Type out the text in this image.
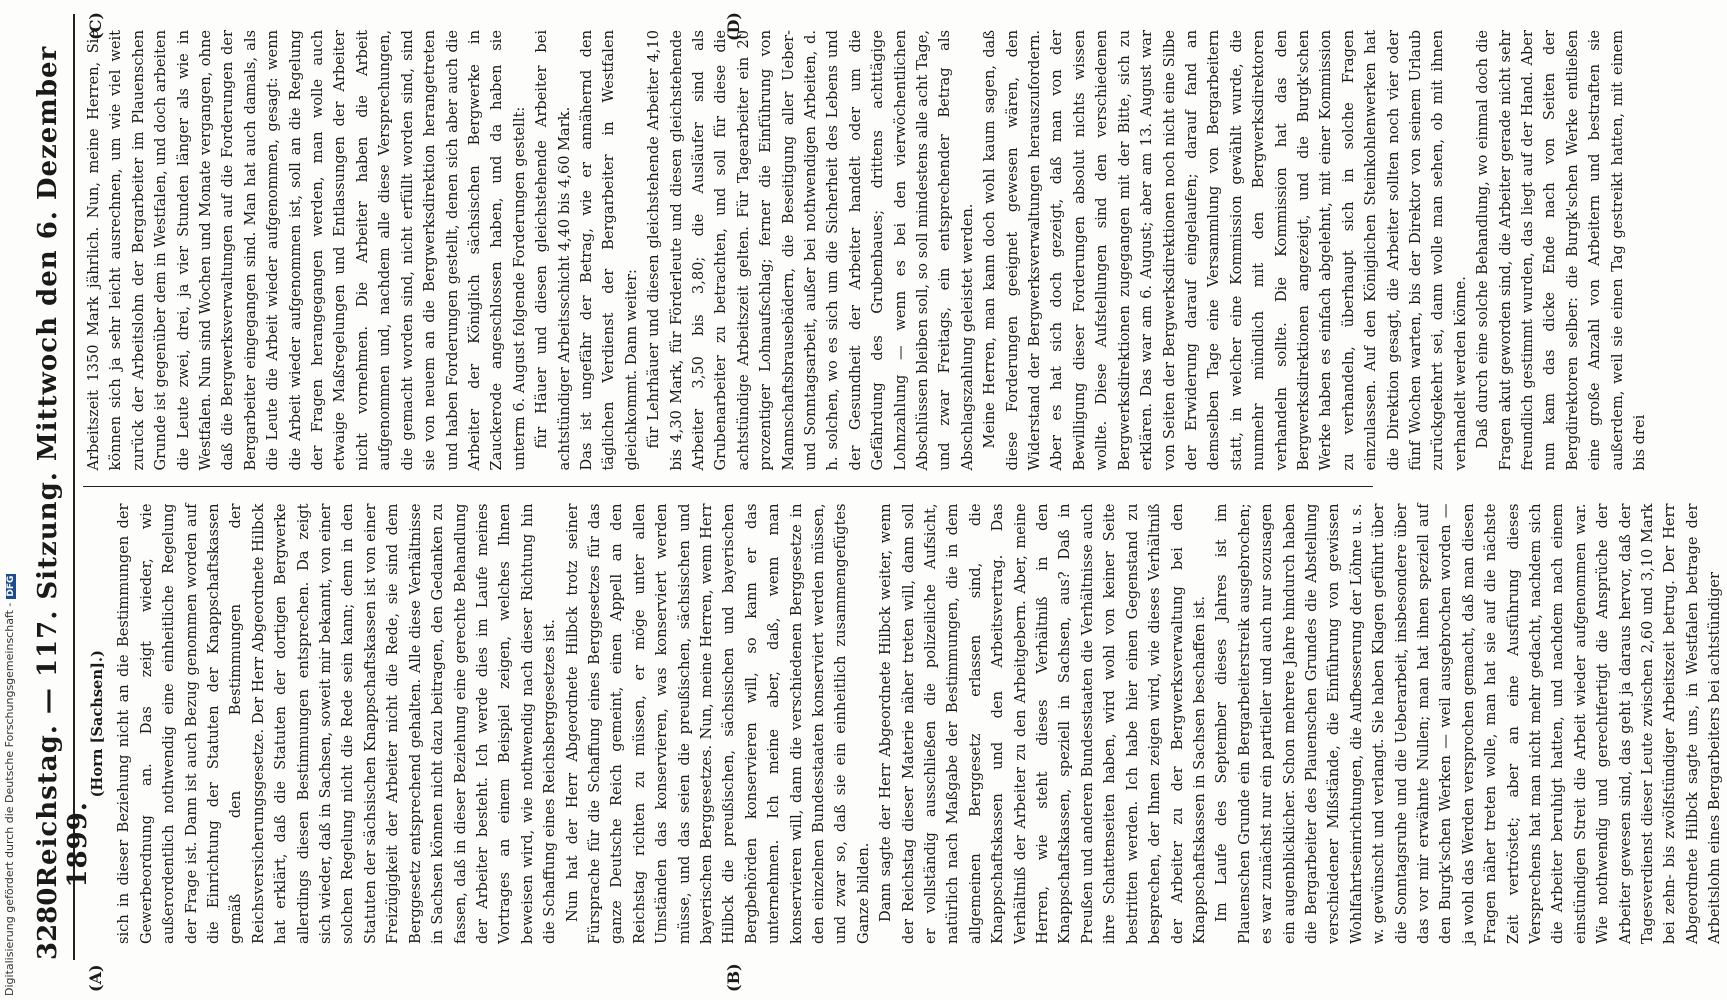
3280
Reichstag. — 117. Sitzung. Mittwoch den 6. Dezember 1899.
(A)	(B)

(Horn [Sachsen].) sich in dieser Beziehung nicht an die Bestimmungen der Gewerbeordnung an. Das zeigt wieder, wie außerordentlich nothwendig eine einheitliche Regelung der Frage ist. Dann ist auch Bezug genommen worden auf die Einrichtung der Statuten der Knappschaftskassen gemäß den Bestimmungen der Reichsversicherungsgesetze. Der Herr Abgeordnete Hilbck hat erklärt, daß die Statuten der dortigen Bergwerke allerdings diesen Bestimmungen entsprechen. Da zeigt sich wieder, daß in Sachsen, soweit mir bekannt, von einer solchen Regelung nicht die Rede sein kann; denn in den Statuten der sächsischen Knappschaftskassen ist von einer Freizügigkeit der Arbeiter nicht die Rede, sie sind dem Berggesetz entsprechend gehalten. Alle diese Verhältnisse in Sachsen können nicht dazu beitragen, den Gedanken zu fassen, daß in dieser Beziehung eine gerechte Behandlung der Arbeiter besteht. Ich werde dies im Laufe meines Vortrages an einem Beispiel zeigen, welches Ihnen beweisen wird, wie nothwendig nach dieser Richtung hin die Schaffung eines Reichsberggesetzes ist. Nun hat der Herr Abgeordnete Hilbck trotz seiner Fürsprache für die Schaffung eines Berggesetzes für das ganze Deutsche Reich gemeint, einen Appell an den Reichstag richten zu müssen, er möge unter allen Umständen das konservieren, was konserviert werden müsse, und das seien die preußischen, sächsischen und bayerischen Berggesetzes. Nun, meine Herren, wenn Herr Hilbck die preußischen, sächsischen und bayerischen Bergbehörden konservieren will, so kann er das unternehmen. Ich meine aber, daß, wenn man konservieren will, dann die verschiedenen Berggesetze in den einzelnen Bundesstaaten konserviert werden müssen, und zwar so, daß sie ein einheitlich zusammengefügtes Ganze bilden. Dann sagte der Herr Abgeordnete Hilbck weiter, wenn der Reichstag dieser Materie näher treten will, dann soll er vollständig ausschließen die polizeiliche Aufsicht, natürlich nach Maßgabe der Bestimmungen, die in dem allgemeinen Berggesetz erlassen sind, die Knappschaftskassen und den Arbeitsvertrag. Das Verhältniß der Arbeiter zu den Arbeitgebern. Aber, meine Herren, wie steht dieses Verhältniß in den Knappschaftskassen, speziell in Sachsen, aus? Daß in Preußen und anderen Bundesstaaten die Verhältnisse auch ihre Schattenseiten haben, wird wohl von keiner Seite bestritten werden. Ich habe hier einen Gegenstand zu besprechen, der Ihnen zeigen wird, wie dieses Verhältniß der Arbeiter zu der Bergwerksverwaltung bei den Knappschaftskassen in Sachsen beschaffen ist. Im Laufe des September dieses Jahres ist im Plauenschen Grunde ein Bergarbeiterstreik ausgebrochen; es war zunächst nur ein partieller und auch nur sozusagen ein augenblicklicher. Schon mehrere Jahre hindurch haben die Bergarbeiter des Plauenschen Grundes die Abstellung verschiedener Mißstände, die Einführung von gewissen Wohlfahrtseinrichtungen, die Aufbesserung der Löhne u. s. w. gewünscht und verlangt. Sie haben Klagen geführt über die Sonntagsruhe und die Ueberarbeit, insbesondere über das vor mir erwähnte Nullen; man hat ihnen speziell auf den Burgk'schen Werken — weil ausgebrochen worden — ja wohl das Werden versprochen gemacht, daß man diesen Fragen näher treten wolle, man hat sie auf die nächste Zeit vertröstet; aber an eine Ausführung dieses Versprechens hat man nicht mehr gedacht, nachdem sich die Arbeiter beruhigt hatten, und nachdem nach einem einstündigen Streit die Arbeit wieder aufgenommen war. Wie nothwendig und gerechtfertigt die Ansprüche der Arbeiter gewesen sind, das geht ja daraus hervor, daß der Tagesverdienst dieser Leute zwischen 2,60 und 3,10 Mark bei zehn- bis zwölfstündiger Arbeitszeit betrug. Der Herr Abgeordnete Hilbck sagte uns, in Westfalen betrage der Arbeitslohn eines Bergarbeiters bei achtstündiger

(C)	(D)

Arbeitszeit 1350 Mark jährlich. Nun, meine Herren, Sie können sich ja sehr leicht ausrechnen, um wie viel weit zurück der Arbeitslohn der Bergarbeiter im Plauenschen Grunde ist gegenüber dem in Westfalen, und doch arbeiten die Leute zwei, drei, ja vier Stunden länger als wie in Westfalen. Nun sind Wochen und Monate vergangen, ohne daß die Bergwerksverwaltungen auf die Forderungen der Bergarbeiter eingegangen sind. Man hat auch damals, als die Leute die Arbeit wieder aufgenommen, gesagt: wenn die Arbeit wieder aufgenommen ist, soll an die Regelung der Fragen herangegangen werden, man wolle auch etwaige Maßregelungen und Entlassungen der Arbeiter nicht vornehmen. Die Arbeiter haben die Arbeit aufgenommen und, nachdem alle diese Versprechungen, die gemacht worden sind, nicht erfüllt worden sind, sind sie von neuem an die Bergwerksdirektion herangetreten und haben Forderungen gestellt, denen sich aber auch die Arbeiter der Königlich sächsischen Bergwerke in Zauckerode angeschlossen haben, und da haben sie unterm 6. August folgende Forderungen gestellt: für Häuer und diesen gleichstehende Arbeiter bei achtstündiger Arbeitsschicht 4,40 bis 4,60 Mark. Das ist ungefähr der Betrag, wie er annähernd den täglichen Verdienst der Bergarbeiter in Westfalen gleichkommt. Dann weiter: für Lehrhäuer und diesen gleichstehende Arbeiter 4,10 bis 4,30 Mark, für Förderleute und diesen gleichstehende Arbeiter 3,50 bis 3,80; die Ausläufer sind als Grubenarbeiter zu betrachten, und soll für diese die achtstündige Arbeitszeit gelten. Für Tagearbeiter ein 20 prozentiger Lohnaufschlag; ferner die Einführung von Mannschaftsbrausebädern, die Beseitigung aller Ueber- und Sonntagsarbeit, außer bei nothwendigen Arbeiten, d. h. solchen, wo es sich um die Sicherheit des Lebens und der Gesundheit der Arbeiter handelt oder um die Gefährdung des Grubenbaues; drittens achttägige Lohnzahlung — wenn es bei den vierwöchentlichen Abschlüssen bleiben soll, so soll mindestens alle acht Tage, und zwar Freitags, ein entsprechender Betrag als Abschlagszahlung geleistet werden. Meine Herren, man kann doch wohl kaum sagen, daß diese Forderungen geeignet gewesen wären, den Widerstand der Bergwerksverwaltungen herauszufordern. Aber es hat sich doch gezeigt, daß man von der Bewilligung dieser Forderungen absolut nichts wissen wollte. Diese Aufstellungen sind den verschiedenen Bergwerksdirektionen zugegangen mit der Bitte, sich zu erklären. Das war am 6. August; aber am 13. August war von Seiten der Bergwerksdirektionen noch nicht eine Silbe der Erwiderung darauf eingelaufen; darauf fand an demselben Tage eine Versammlung von Bergarbeitern statt, in welcher eine Kommission gewählt wurde, die nunmehr mündlich mit den Bergwerksdirektoren verhandeln sollte. Die Kommission hat das den Bergwerksdirektionen angezeigt, und die Burgk'schen Werke haben es einfach abgelehnt, mit einer Kommission zu verhandeln, überhaupt sich in solche Fragen einzulassen. Auf den Königlichen Steinkohlenwerken hat die Direktion gesagt, die Arbeiter sollten noch vier oder fünf Wochen warten, bis der Direktor von seinem Urlaub zurückgekehrt sei, dann wolle man sehen, ob mit ihnen verhandelt werden könne. Daß durch eine solche Behandlung, wo einmal doch die Fragen akut geworden sind, die Arbeiter gerade nicht sehr freundlich gestimmt wurden, das liegt auf der Hand. Aber nun kam das dicke Ende nach von Seiten der Bergdirektoren selber: die Burgk'schen Werke entließen eine große Anzahl von Arbeitern und bestraften sie außerdem, weil sie einen Tag gestreikt hatten, mit einem bis drei

Digitalisierung gefördert durch die Deutsche Forschungsgemeinschaft -DFG
